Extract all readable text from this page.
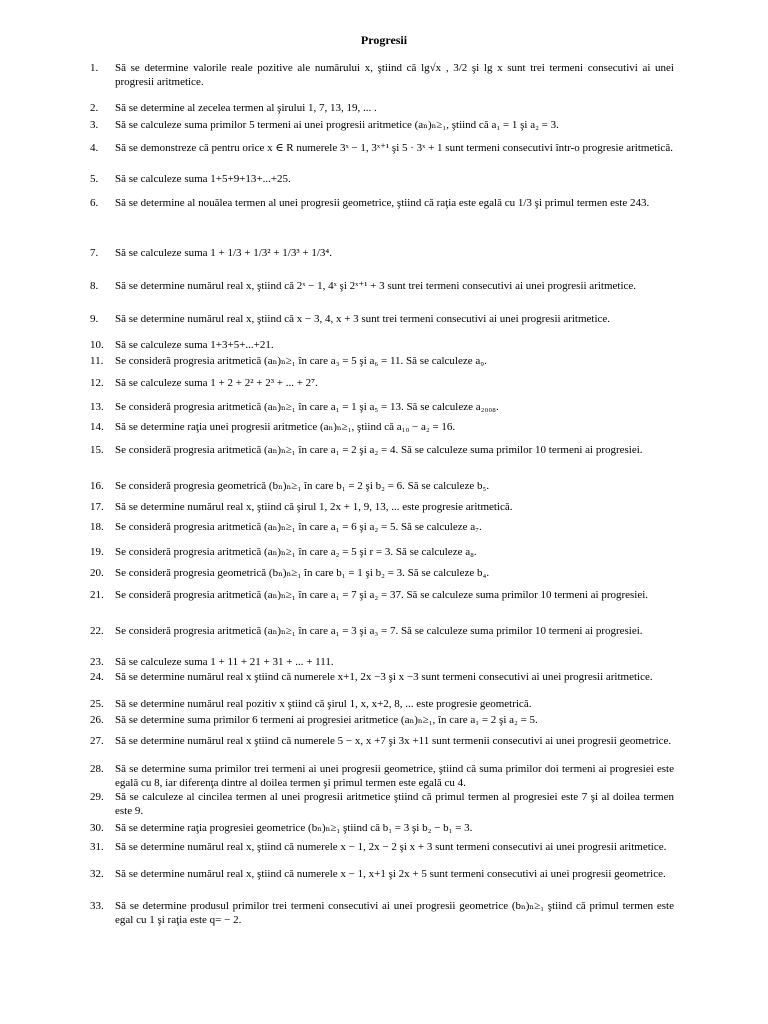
Progresii
1.	Să se determine valorile reale pozitive ale numărului x, ştiind că lg√x , 3/2 şi lg x sunt trei termeni consecutivi ai unei progresii aritmetice.
2.	Să se determine al zecelea termen al şirului 1, 7, 13, 19, ... .
3.	Să se calculeze suma primilor 5 termeni ai unei progresii aritmetice (aₙ)ₙ≥₁, ştiind că a₁ = 1 şi a₂ = 3.
4.	Să se demonstreze că pentru orice x ∈ R numerele 3ˣ − 1, 3ˣ⁺¹ şi 5 · 3ˣ + 1 sunt termeni consecutivi într-o progresie aritmetică.
5.	Să se calculeze suma 1+5+9+13+...+25.
6.	Să se determine al nouălea termen al unei progresii geometrice, ştiind că raţia este egală cu 1/3 şi primul termen este 243.
7.	Să se calculeze suma 1 + 1/3 + 1/3² + 1/3³ + 1/3⁴.
8.	Să se determine numărul real x, ştiind că 2ˣ − 1, 4ˣ şi 2ˣ⁺¹ + 3 sunt trei termeni consecutivi ai unei progresii aritmetice.
9.	Să se determine numărul real x, ştiind că x − 3, 4, x + 3 sunt trei termeni consecutivi ai unei progresii aritmetice.
10.	Să se calculeze suma 1+3+5+...+21.
11.	Se consideră progresia aritmetică (aₙ)ₙ≥₁ în care a₃ = 5 şi a₆ = 11. Să se calculeze a₉.
12.	Să se calculeze suma 1 + 2 + 2² + 2³ + ... + 2⁷.
13.	Se consideră progresia aritmetică (aₙ)ₙ≥₁ în care a₁ = 1 şi a₅ = 13. Să se calculeze a₂₀₀₈.
14.	Să se determine raţia unei progresii aritmetice (aₙ)ₙ≥₁, ştiind că a₁₀ − a₂ = 16.
15.	Se consideră progresia aritmetică (aₙ)ₙ≥₁ în care a₁ = 2 şi a₂ = 4. Să se calculeze suma primilor 10 termeni ai progresiei.
16.	Se consideră progresia geometrică (bₙ)ₙ≥₁ în care b₁ = 2 şi b₂ = 6. Să se calculeze b₅.
17.	Să se determine numărul real x, ştiind că şirul 1, 2x + 1, 9, 13, ... este progresie aritmetică.
18.	Se consideră progresia aritmetică (aₙ)ₙ≥₁ în care a₁ = 6 şi a₂ = 5. Să se calculeze a₇.
19.	Se consideră progresia aritmetică (aₙ)ₙ≥₁ în care a₂ = 5 şi r = 3. Să se calculeze a₈.
20.	Se consideră progresia geometrică (bₙ)ₙ≥₁ în care b₁ = 1 şi b₂ = 3. Să se calculeze b₄.
21.	Se consideră progresia aritmetică (aₙ)ₙ≥₁ în care a₁ = 7 şi a₂ = 37. Să se calculeze suma primilor 10 termeni ai progresiei.
22.	Se consideră progresia aritmetică (aₙ)ₙ≥₁ în care a₁ = 3 şi a₃ = 7. Să se calculeze suma primilor 10 termeni ai progresiei.
23.	Să se calculeze suma 1 + 11 + 21 + 31 + ... + 111.
24.	Să se determine numărul real x ştiind că numerele x+1, 2x −3 şi x −3 sunt termeni consecutivi ai unei progresii aritmetice.
25.	Să se determine numărul real pozitiv x ştiind că şirul 1, x, x+2, 8, ... este progresie geometrică.
26.	Să se determine suma primilor 6 termeni ai progresiei aritmetice (aₙ)ₙ≥₁, în care a₁ = 2 şi a₂ = 5.
27.	Să se determine numărul real x ştiind că numerele 5 − x, x +7 şi 3x +11 sunt termenii consecutivi ai unei progresii geometrice.
28.	Să se determine suma primilor trei termeni ai unei progresii geometrice, ştiind că suma primilor doi termeni ai progresiei este egală cu 8, iar diferenţa dintre al doilea termen şi primul termen este egală cu 4.
29.	Să se calculeze al cincilea termen al unei progresii aritmetice ştiind că primul termen al progresiei este 7 şi al doilea termen este 9.
30.	Să se determine raţia progresiei geometrice (bₙ)ₙ≥₁ ştiind că b₁ = 3 şi b₂ − b₁ = 3.
31.	Să se determine numărul real x, ştiind că numerele x − 1, 2x − 2 şi x + 3 sunt termeni consecutivi ai unei progresii aritmetice.
32.	Să se determine numărul real x, ştiind că numerele x − 1, x+1 şi 2x + 5 sunt termeni consecutivi ai unei progresii geometrice.
33.	Să se determine produsul primilor trei termeni consecutivi ai unei progresii geometrice (bₙ)ₙ≥₁ ştiind că primul termen este egal cu 1 şi raţia este q= − 2.
